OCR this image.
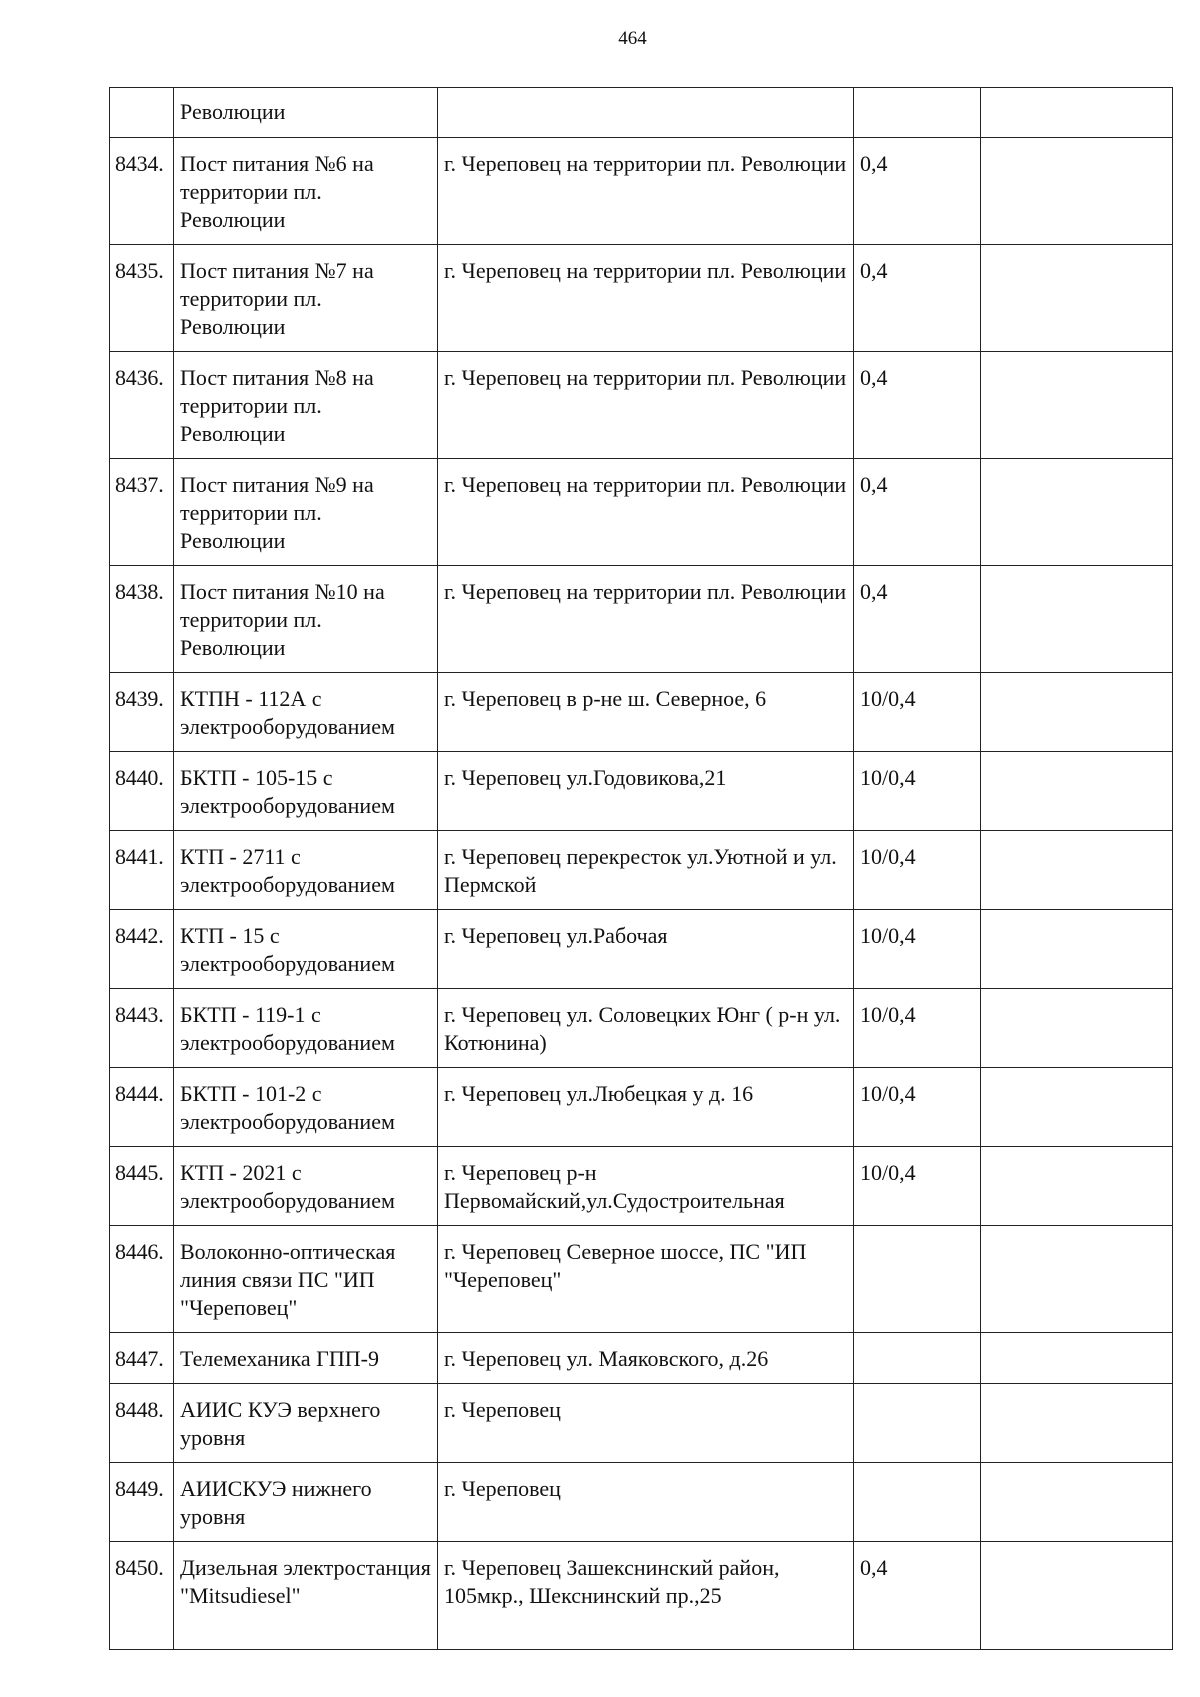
464
	Революции			
8434.	Пост питания №6 на территории пл. Революции	г. Череповец на территории пл. Революции	0,4	
8435.	Пост питания №7 на территории пл. Революции	г. Череповец на территории пл. Революции	0,4	
8436.	Пост питания №8 на территории пл. Революции	г. Череповец на территории пл. Революции	0,4	
8437.	Пост питания №9 на территории пл. Революции	г. Череповец на территории пл. Революции	0,4	
8438.	Пост питания №10 на территории пл. Революции	г. Череповец на территории пл. Революции	0,4	
8439.	КТПН - 112А с электрооборудованием	г. Череповец в р-не ш. Северное, 6	10/0,4	
8440.	БКТП - 105-15 с электрооборудованием	г. Череповец ул.Годовикова,21	10/0,4	
8441.	КТП - 2711 с электрооборудованием	г. Череповец перекресток ул.Уютной и ул. Пермской	10/0,4	
8442.	КТП - 15 с электрооборудованием	г. Череповец ул.Рабочая	10/0,4	
8443.	БКТП - 119-1 с электрооборудованием	г. Череповец ул. Соловецких Юнг ( р-н ул. Котюнина)	10/0,4	
8444.	БКТП - 101-2 с электрооборудованием	г. Череповец ул.Любецкая у д. 16	10/0,4	
8445.	КТП - 2021 с электрооборудованием	г. Череповец р-н Первомайский,ул.Судостроительная	10/0,4	
8446.	Волоконно-оптическая линия связи ПС "ИП "Череповец"	г. Череповец Северное шоссе, ПС "ИП "Череповец"		
8447.	Телемеханика ГПП-9	г. Череповец ул. Маяковского, д.26		
8448.	АИИС КУЭ верхнего уровня	г. Череповец		
8449.	АИИСКУЭ нижнего уровня	г. Череповец		
8450.	Дизельная электростанция "Mitsudiesel"	г. Череповец Зашекснинский район, 105мкр., Шекснинский пр.,25	0,4	
